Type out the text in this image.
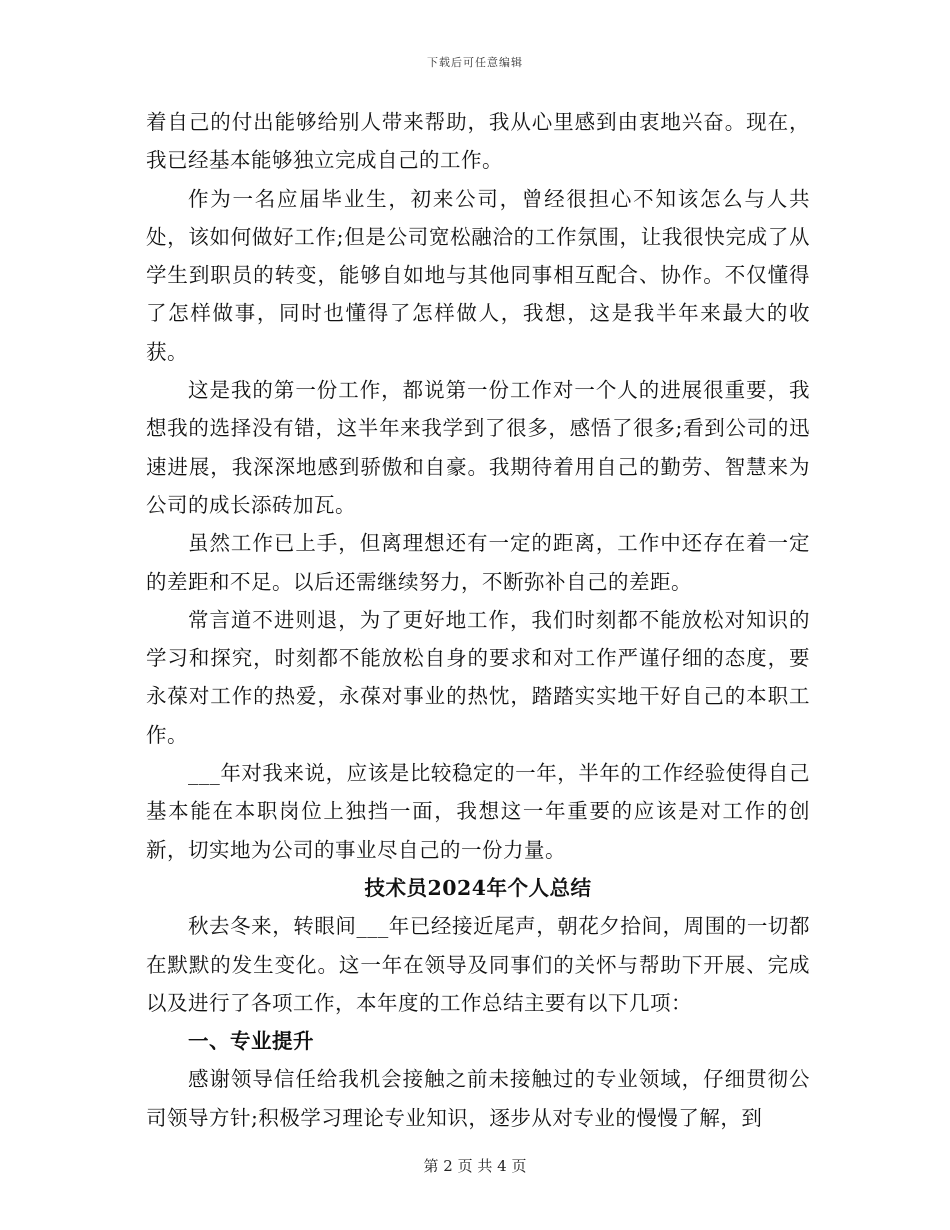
下载后可任意编辑

着自己的付出能够给别人带来帮助，我从心里感到由衷地兴奋。现在，我已经基本能够独立完成自己的工作。

作为一名应届毕业生，初来公司，曾经很担心不知该怎么与人共处，该如何做好工作;但是公司宽松融洽的工作氛围，让我很快完成了从学生到职员的转变，能够自如地与其他同事相互配合、协作。不仅懂得了怎样做事，同时也懂得了怎样做人，我想，这是我半年来最大的收获。

这是我的第一份工作，都说第一份工作对一个人的进展很重要，我想我的选择没有错，这半年来我学到了很多，感悟了很多;看到公司的迅速进展，我深深地感到骄傲和自豪。我期待着用自己的勤劳、智慧来为公司的成长添砖加瓦。

虽然工作已上手，但离理想还有一定的距离，工作中还存在着一定的差距和不足。以后还需继续努力，不断弥补自己的差距。

常言道不进则退，为了更好地工作，我们时刻都不能放松对知识的学习和探究，时刻都不能放松自身的要求和对工作严谨仔细的态度，要永葆对工作的热爱，永葆对事业的热忱，踏踏实实地干好自己的本职工作。

___年对我来说，应该是比较稳定的一年，半年的工作经验使得自己基本能在本职岗位上独挡一面，我想这一年重要的应该是对工作的创新，切实地为公司的事业尽自己的一份力量。

技术员2024年个人总结

秋去冬来，转眼间___年已经接近尾声，朝花夕拾间，周围的一切都在默默的发生变化。这一年在领导及同事们的关怀与帮助下开展、完成以及进行了各项工作，本年度的工作总结主要有以下几项：

一、专业提升

感谢领导信任给我机会接触之前未接触过的专业领域，仔细贯彻公司领导方针;积极学习理论专业知识，逐步从对专业的慢慢了解，到

第 2 页 共 4 页
